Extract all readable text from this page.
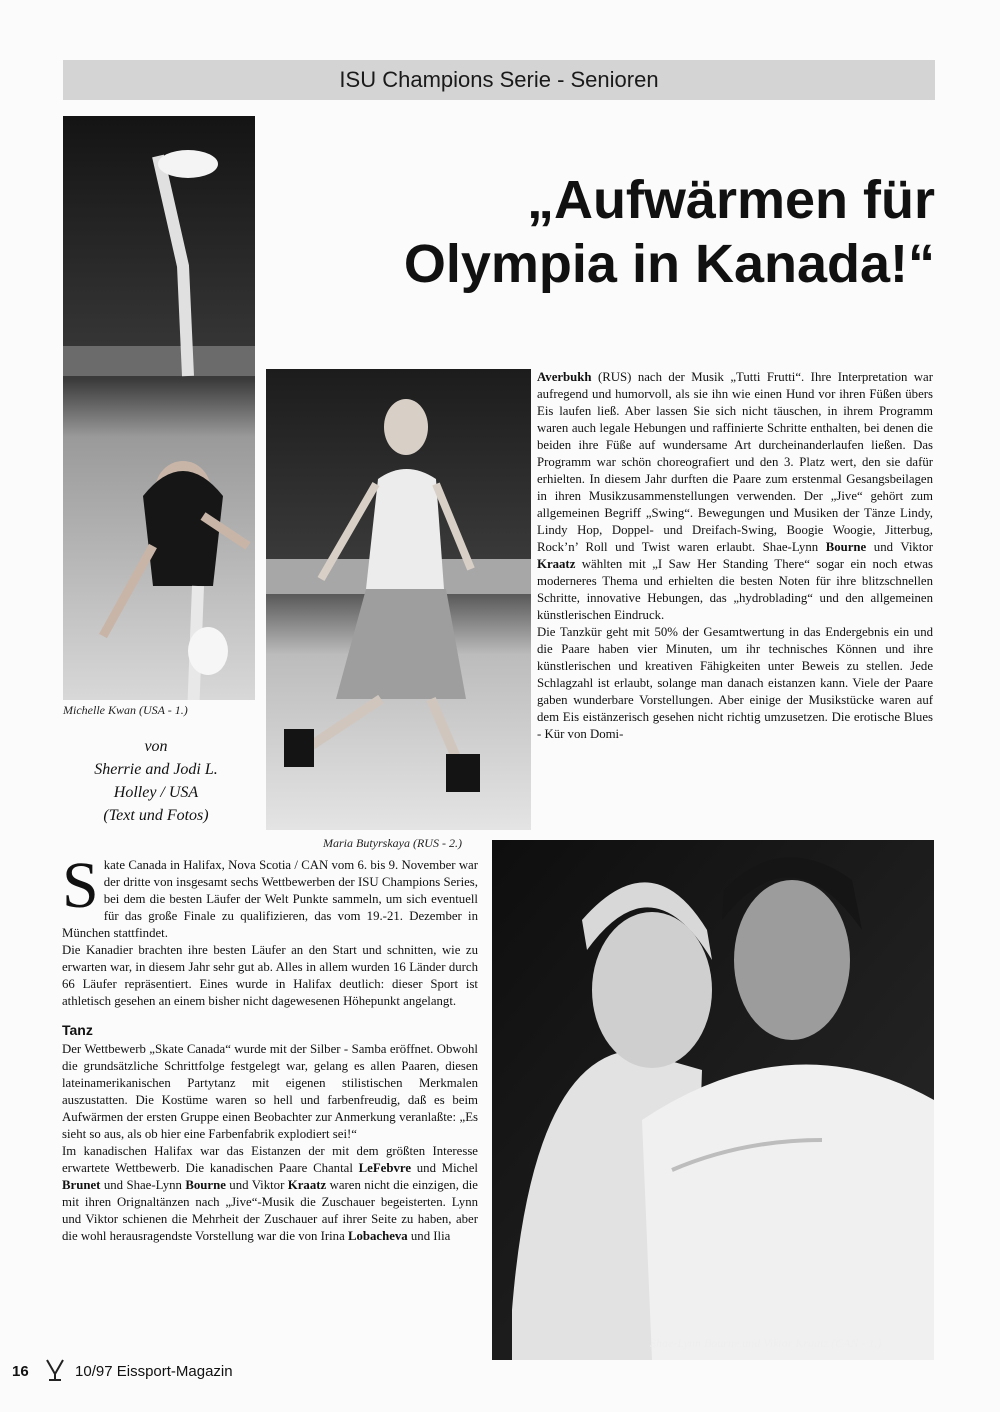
ISU Champions Serie - Senioren
„Aufwärmen für
Olympia in Kanada!“
Michelle Kwan (USA - 1.)
von
Sherrie and Jodi L.
Holley / USA
(Text und Fotos)
Maria Butyrskaya (RUS - 2.)

Averbukh (RUS) nach der Musik „Tutti Frutti“. Ihre Interpretation war aufregend und humorvoll, als sie ihn wie einen Hund vor ihren Füßen übers Eis laufen ließ. Aber lassen Sie sich nicht täuschen, in ihrem Programm waren auch legale Hebungen und raffinierte Schritte enthalten, bei denen die beiden ihre Füße auf wundersame Art durcheinanderlaufen ließen. Das Programm war schön choreografiert und den 3. Platz wert, den sie dafür erhielten. In diesem Jahr durften die Paare zum erstenmal Gesangsbeilagen in ihren Musikzusammenstellungen verwenden. Der „Jive“ gehört zum allgemeinen Begriff „Swing“. Bewegungen und Musiken der Tänze Lindy, Lindy Hop, Doppel- und Dreifach-Swing, Boogie Woogie, Jitterbug, Rock’n’ Roll und Twist waren erlaubt. Shae-Lynn Bourne und Viktor Kraatz wählten mit „I Saw Her Standing There“ sogar ein noch etwas moderneres Thema und erhielten die besten Noten für ihre blitzschnellen Schritte, innovative Hebungen, das „hydroblading“ und den allgemeinen künstlerischen Eindruck.

Die Tanzkür geht mit 50% der Gesamtwertung in das Endergebnis ein und die Paare haben vier Minuten, um ihr technisches Können und ihre künstlerischen und kreativen Fähigkeiten unter Beweis zu stellen. Jede Schlagzahl ist erlaubt, solange man danach eistanzen kann. Viele der Paare gaben wunderbare Vorstellungen. Aber einige der Musikstücke waren auf dem Eis eistänzerisch gesehen nicht richtig umzusetzen. Die erotische Blues - Kür von Domi-

Skate Canada in Halifax, Nova Scotia / CAN vom 6. bis 9. November war der dritte von insgesamt sechs Wettbewerben der ISU Champions Series, bei dem die besten Läufer der Welt Punkte sammeln, um sich eventuell für das große Finale zu qualifizieren, das vom 19.-21. Dezember in München stattfindet.

Die Kanadier brachten ihre besten Läufer an den Start und schnitten, wie zu erwarten war, in diesem Jahr sehr gut ab. Alles in allem wurden 16 Länder durch 66 Läufer repräsentiert. Eines wurde in Halifax deutlich: dieser Sport ist athletisch gesehen an einem bisher nicht dagewesenen Höhepunkt angelangt.

Tanz

Der Wettbewerb „Skate Canada“ wurde mit der Silber - Samba eröffnet. Obwohl die grundsätzliche Schrittfolge festgelegt war, gelang es allen Paaren, diesen lateinamerikanischen Partytanz mit eigenen stilistischen Merkmalen auszustatten. Die Kostüme waren so hell und farbenfreudig, daß es beim Aufwärmen der ersten Gruppe einen Beobachter zur Anmerkung veranlaßte: „Es sieht so aus, als ob hier eine Farbenfabrik explodiert sei!“

Im kanadischen Halifax war das Eistanzen der mit dem größten Interesse erwartete Wettbewerb. Die kanadischen Paare Chantal LeFebvre und Michel Brunet und Shae-Lynn Bourne und Viktor Kraatz waren nicht die einzigen, die mit ihren Orignaltänzen nach „Jive“-Musik die Zuschauer begeisterten. Lynn und Viktor schienen die Mehrheit der Zuschauer auf ihrer Seite zu haben, aber die wohl herausragendste Vorstellung war die von Irina Lobacheva und Ilia

Shae-Lynn Bourne und Viktor Kraatz (CAN - 1.)
16	10/97 Eissport-Magazin
